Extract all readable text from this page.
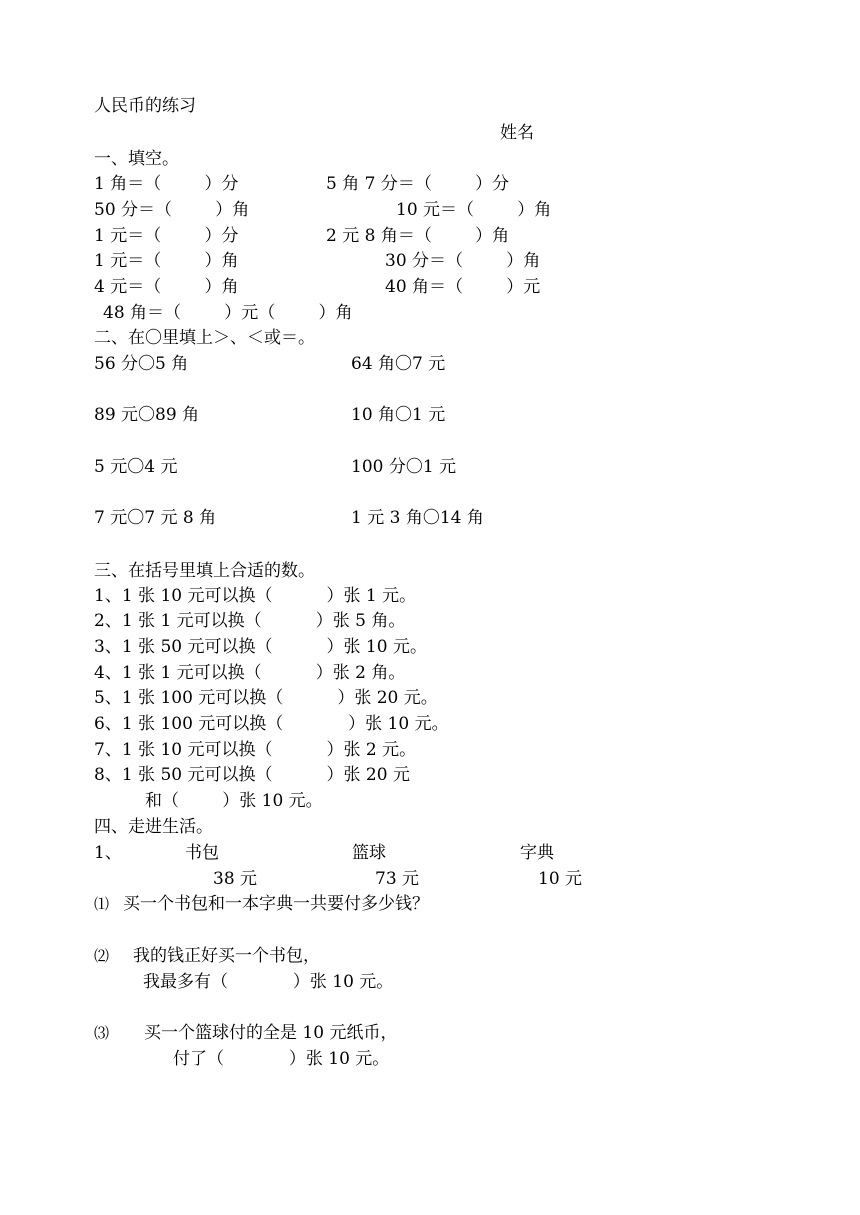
人民币的练习
姓名
一、填空。
1 角＝（        ）分	5 角 7 分＝（        ）分
50 分＝（        ）角	10 元＝（        ）角
1 元＝（        ）分	2 元 8 角＝（        ）角
1 元＝（        ）角	30 分＝（        ）角
4 元＝（        ）角	40 角＝（        ）元
48 角＝（        ）元（        ）角
二、在〇里填上＞、＜或＝。
56 分〇5 角	64 角〇7 元
89 元〇89 角	10 角〇1 元
5 元〇4 元	100 分〇1 元
7 元〇7 元 8 角	1 元 3 角〇14 角
三、在括号里填上合适的数。
1、1 张 10 元可以换（          ）张 1 元。
2、1 张 1 元可以换（          ）张 5 角。
3、1 张 50 元可以换（          ）张 10 元。
4、1 张 1 元可以换（          ）张 2 角。
5、1 张 100 元可以换（          ）张 20 元。
6、1 张 100 元可以换（            ）张 10 元。
7、1 张 10 元可以换（          ）张 2 元。
8、1 张 50 元可以换（          ）张 20 元
和（        ）张 10 元。
四、走进生活。
1、	书包	篮球	字典
38 元	73 元	10 元
⑴ 买一个书包和一本字典一共要付多少钱？
⑵ 我的钱正好买一个书包，
我最多有（            ）张 10 元。
⑶ 买一个篮球付的全是 10 元纸币，
付了（            ）张 10 元。
